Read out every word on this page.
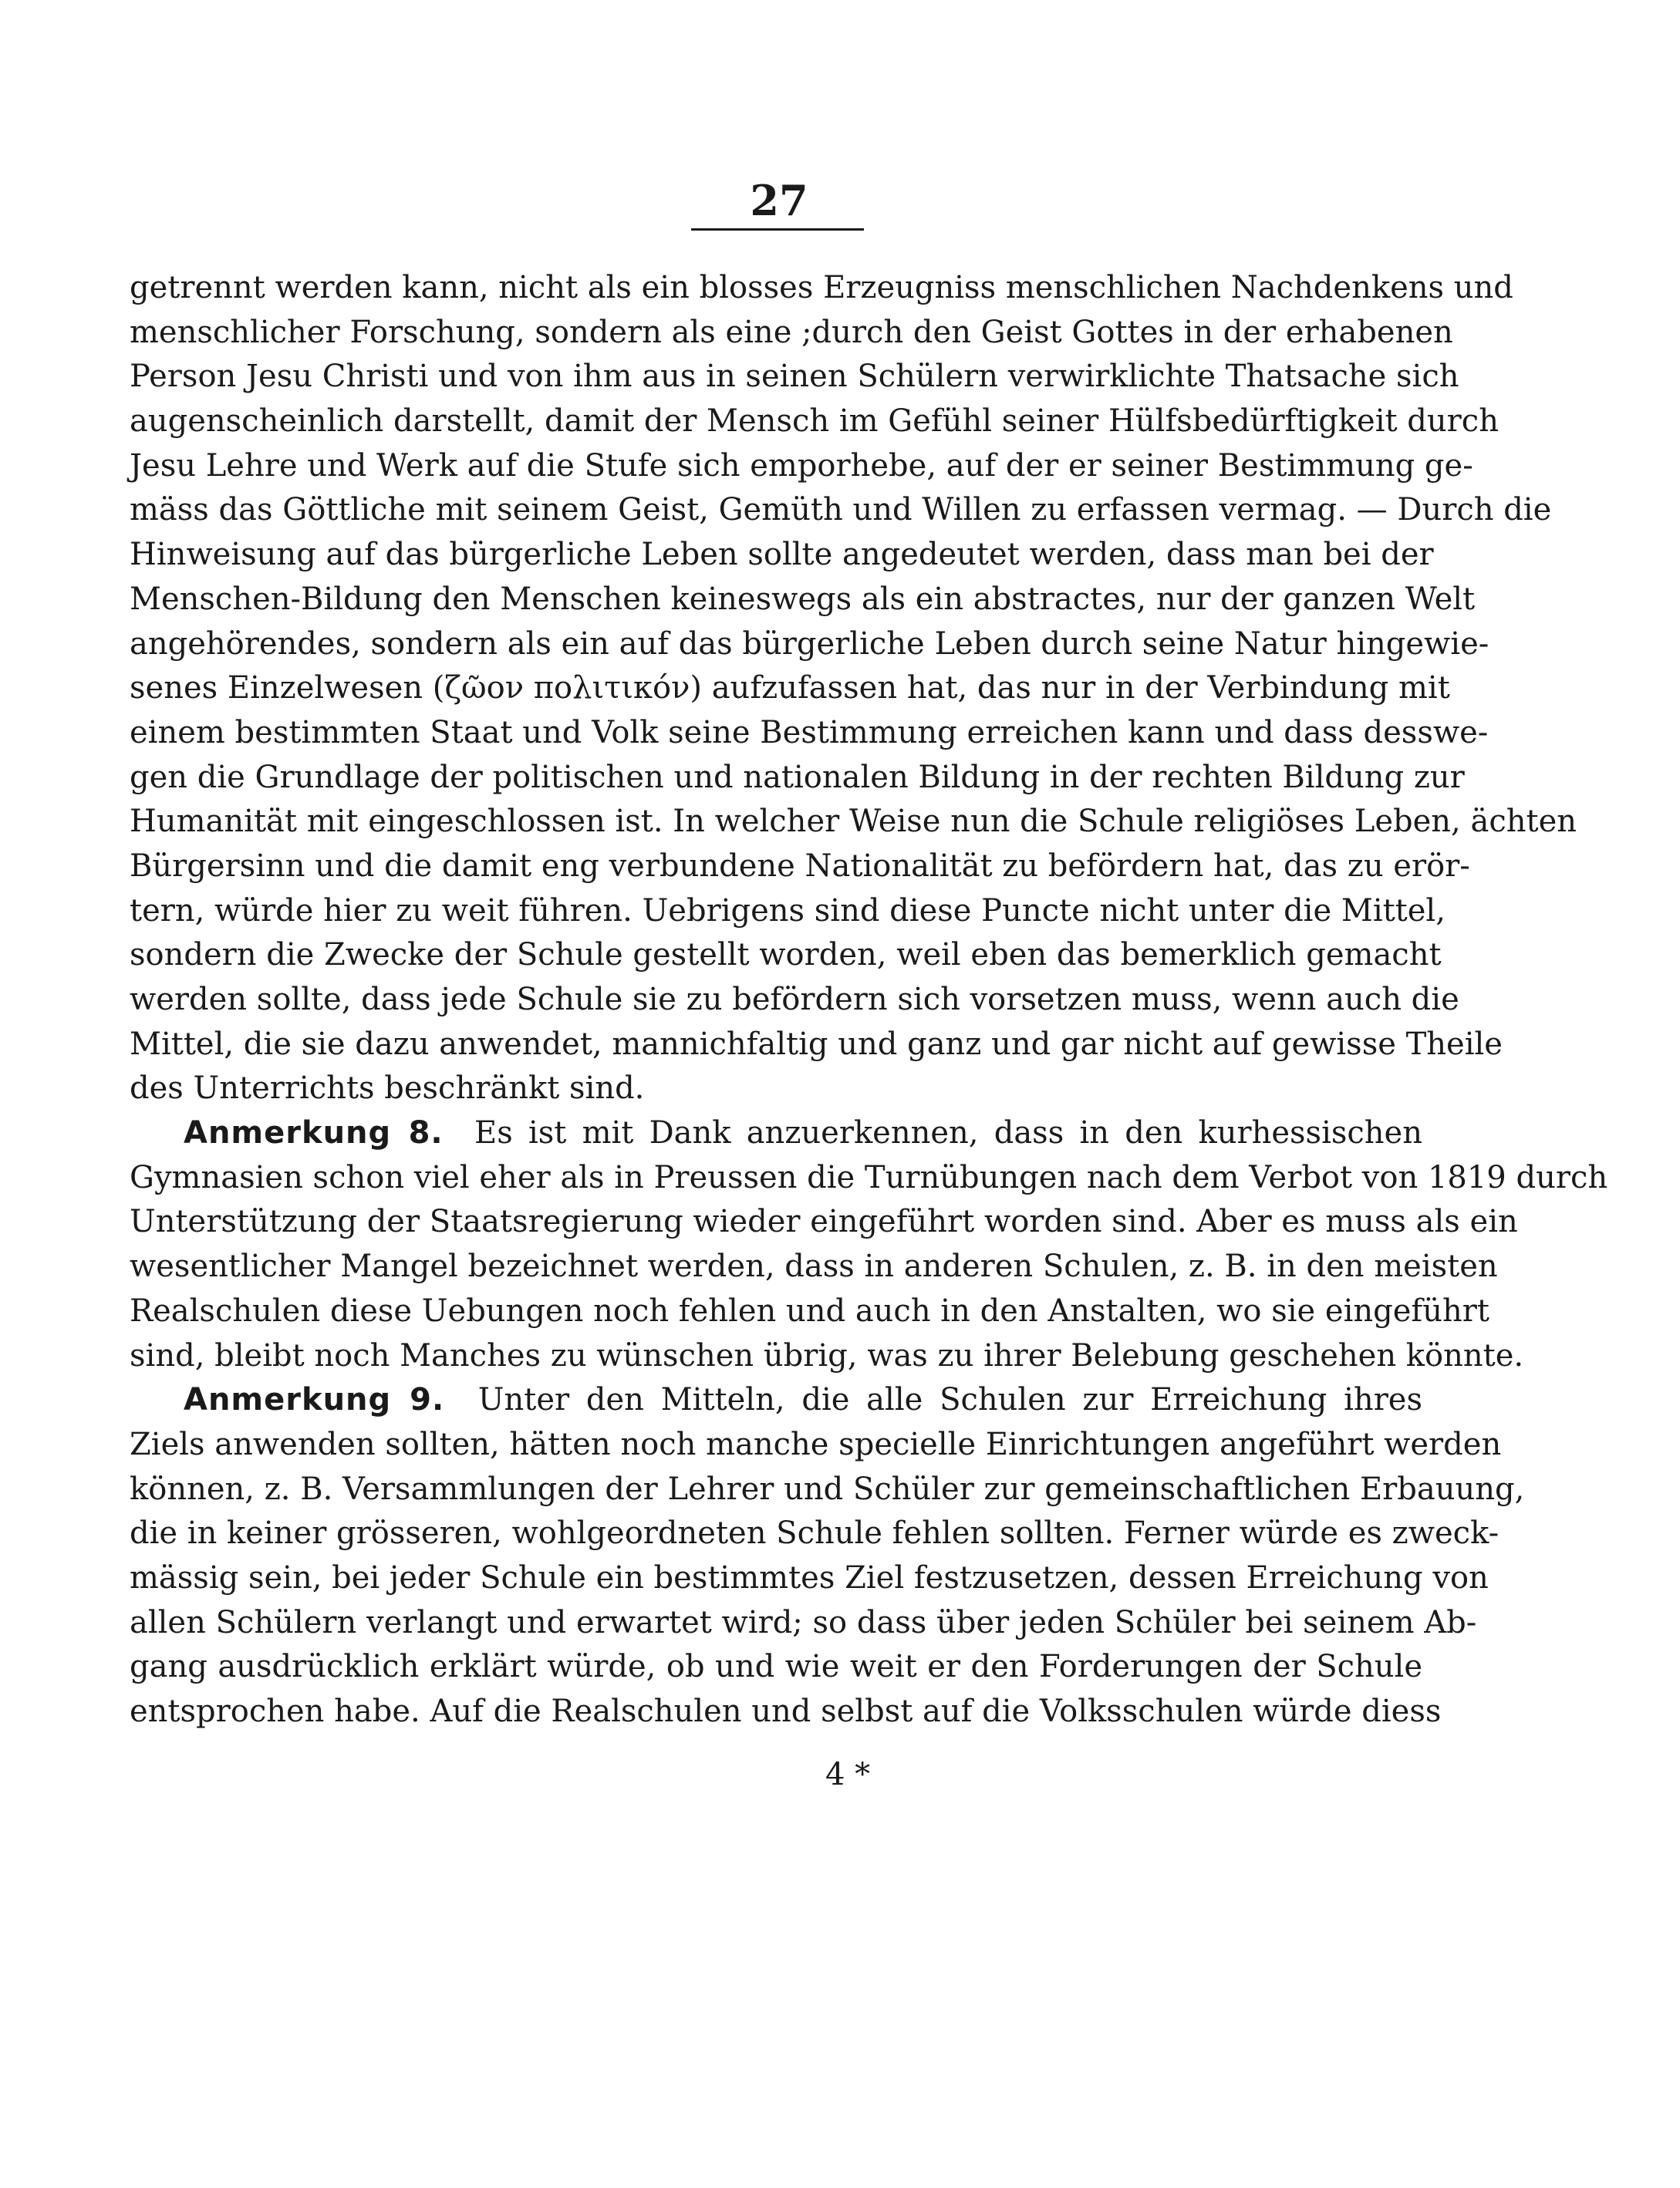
27
getrennt werden kann, nicht als ein blosses Erzeugniss menschlichen Nachdenkens und
menschlicher Forschung, sondern als eine ;durch den Geist Gottes in der erhabenen
Person Jesu Christi und von ihm aus in seinen Schülern verwirklichte Thatsache sich
augenscheinlich darstellt, damit der Mensch im Gefühl seiner Hülfsbedürftigkeit durch
Jesu Lehre und Werk auf die Stufe sich emporhebe, auf der er seiner Bestimmung ge-
mäss das Göttliche mit seinem Geist, Gemüth und Willen zu erfassen vermag. — Durch die
Hinweisung auf das bürgerliche Leben sollte angedeutet werden, dass man bei der
Menschen-Bildung den Menschen keineswegs als ein abstractes, nur der ganzen Welt
angehörendes, sondern als ein auf das bürgerliche Leben durch seine Natur hingewie-
senes Einzelwesen (ζῶον πολιτικόν) aufzufassen hat, das nur in der Verbindung mit
einem bestimmten Staat und Volk seine Bestimmung erreichen kann und dass desswe-
gen die Grundlage der politischen und nationalen Bildung in der rechten Bildung zur
Humanität mit eingeschlossen ist. In welcher Weise nun die Schule religiöses Leben, ächten
Bürgersinn und die damit eng verbundene Nationalität zu befördern hat, das zu erör-
tern, würde hier zu weit führen. Uebrigens sind diese Puncte nicht unter die Mittel,
sondern die Zwecke der Schule gestellt worden, weil eben das bemerklich gemacht
werden sollte, dass jede Schule sie zu befördern sich vorsetzen muss, wenn auch die
Mittel, die sie dazu anwendet, mannichfaltig und ganz und gar nicht auf gewisse Theile
des Unterrichts beschränkt sind.
Anmerkung 8. Es ist mit Dank anzuerkennen, dass in den kurhessischen
Gymnasien schon viel eher als in Preussen die Turnübungen nach dem Verbot von 1819 durch
Unterstützung der Staatsregierung wieder eingeführt worden sind. Aber es muss als ein
wesentlicher Mangel bezeichnet werden, dass in anderen Schulen, z. B. in den meisten
Realschulen diese Uebungen noch fehlen und auch in den Anstalten, wo sie eingeführt
sind, bleibt noch Manches zu wünschen übrig, was zu ihrer Belebung geschehen könnte.
Anmerkung 9. Unter den Mitteln, die alle Schulen zur Erreichung ihres
Ziels anwenden sollten, hätten noch manche specielle Einrichtungen angeführt werden
können, z. B. Versammlungen der Lehrer und Schüler zur gemeinschaftlichen Erbauung,
die in keiner grösseren, wohlgeordneten Schule fehlen sollten. Ferner würde es zweck-
mässig sein, bei jeder Schule ein bestimmtes Ziel festzusetzen, dessen Erreichung von
allen Schülern verlangt und erwartet wird; so dass über jeden Schüler bei seinem Ab-
gang ausdrücklich erklärt würde, ob und wie weit er den Forderungen der Schule
entsprochen habe. Auf die Realschulen und selbst auf die Volksschulen würde diess
4 *
